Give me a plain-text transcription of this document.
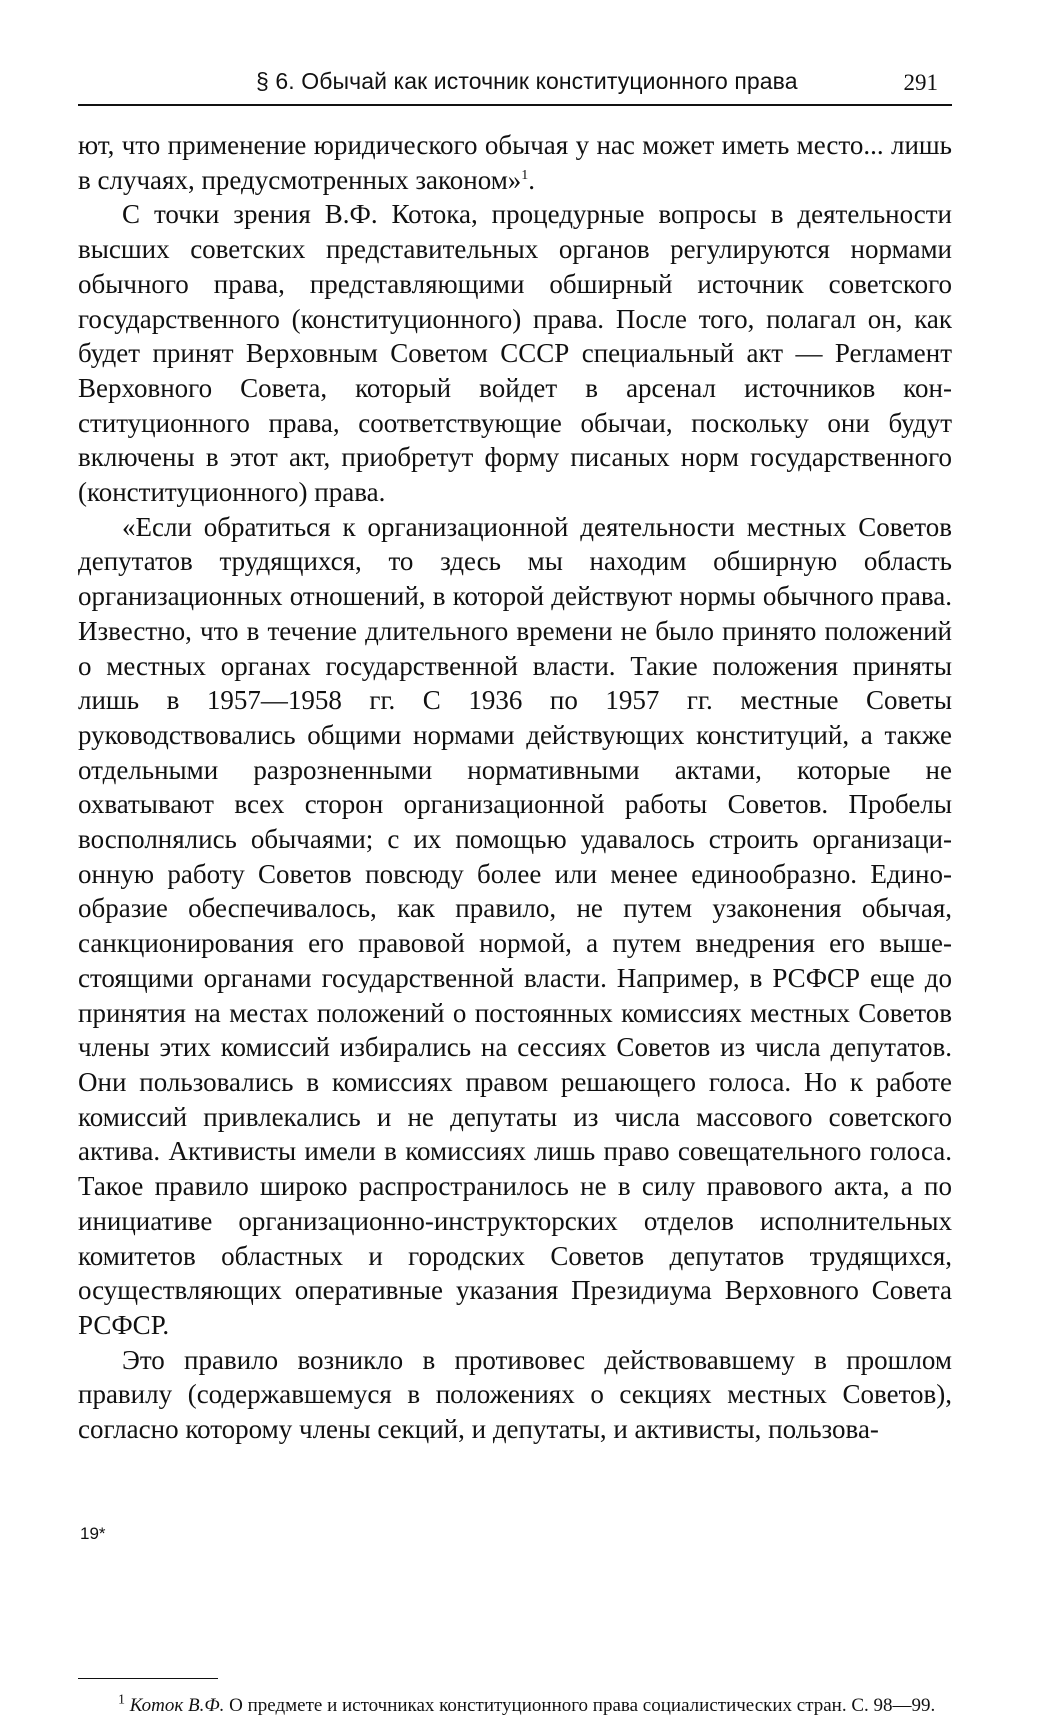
§ 6. Обычай как источник конституционного права	291

ют, что применение юридического обычая у нас может иметь место... лишь в случаях, предусмотренных законом»$^1$.

С точки зрения В.Ф. Котока, процедурные вопросы в деятельности высших советских представительных органов регулируются нормами обычного права, представляющими обширный источник советского государственного (конституционного) права. После того, полагал он, как будет принят Верховным Советом СССР специальный акт — Регламент Верховного Совета, который войдет в арсенал источников конституционного права, соответствующие обычаи, поскольку они будут включены в этот акт, приобретут форму писаных норм государственного (конституционного) права.

«Если обратиться к организационной деятельности местных Советов депутатов трудящихся, то здесь мы находим обширную область организационных отношений, в которой действуют нормы обычного права. Известно, что в течение длительного времени не было принято положений о местных органах государственной власти. Такие положения приняты лишь в 1957—1958 гг. С 1936 по 1957 гг. местные Советы руководствовались общими нормами действующих конституций, а также отдельными разрозненными нормативными актами, которые не охватывают всех сторон организационной работы Советов. Пробелы восполнялись обычаями; с их помощью удавалось строить организационную работу Советов повсюду более или менее единообразно. Единообразие обеспечивалось, как правило, не путем узаконения обычая, санкционирования его правовой нормой, а путем внедрения его вышестоящими органами государственной власти. Например, в РСФСР еще до принятия на местах положений о постоянных комиссиях местных Советов члены этих комиссий избирались на сессиях Советов из числа депутатов. Они пользовались в комиссиях правом решающего голоса. Но к работе комиссий привлекались и не депутаты из числа массового советского актива. Активисты имели в комиссиях лишь право совещательного голоса. Такое правило широко распространилось не в силу правового акта, а по инициативе организационно-инструкторских отделов исполнительных комитетов областных и городских Советов депутатов трудящихся, осуществляющих оперативные указания Президиума Верховного Совета РСФСР.

Это правило возникло в противовес действовавшему в прошлом правилу (содержавшемуся в положениях о секциях местных Советов), согласно которому члены секций, и депутаты, и активисты, пользова-

$^1$ Коток В.Ф. О предмете и источниках конституционного права социалистических стран. С. 98—99.

19*
